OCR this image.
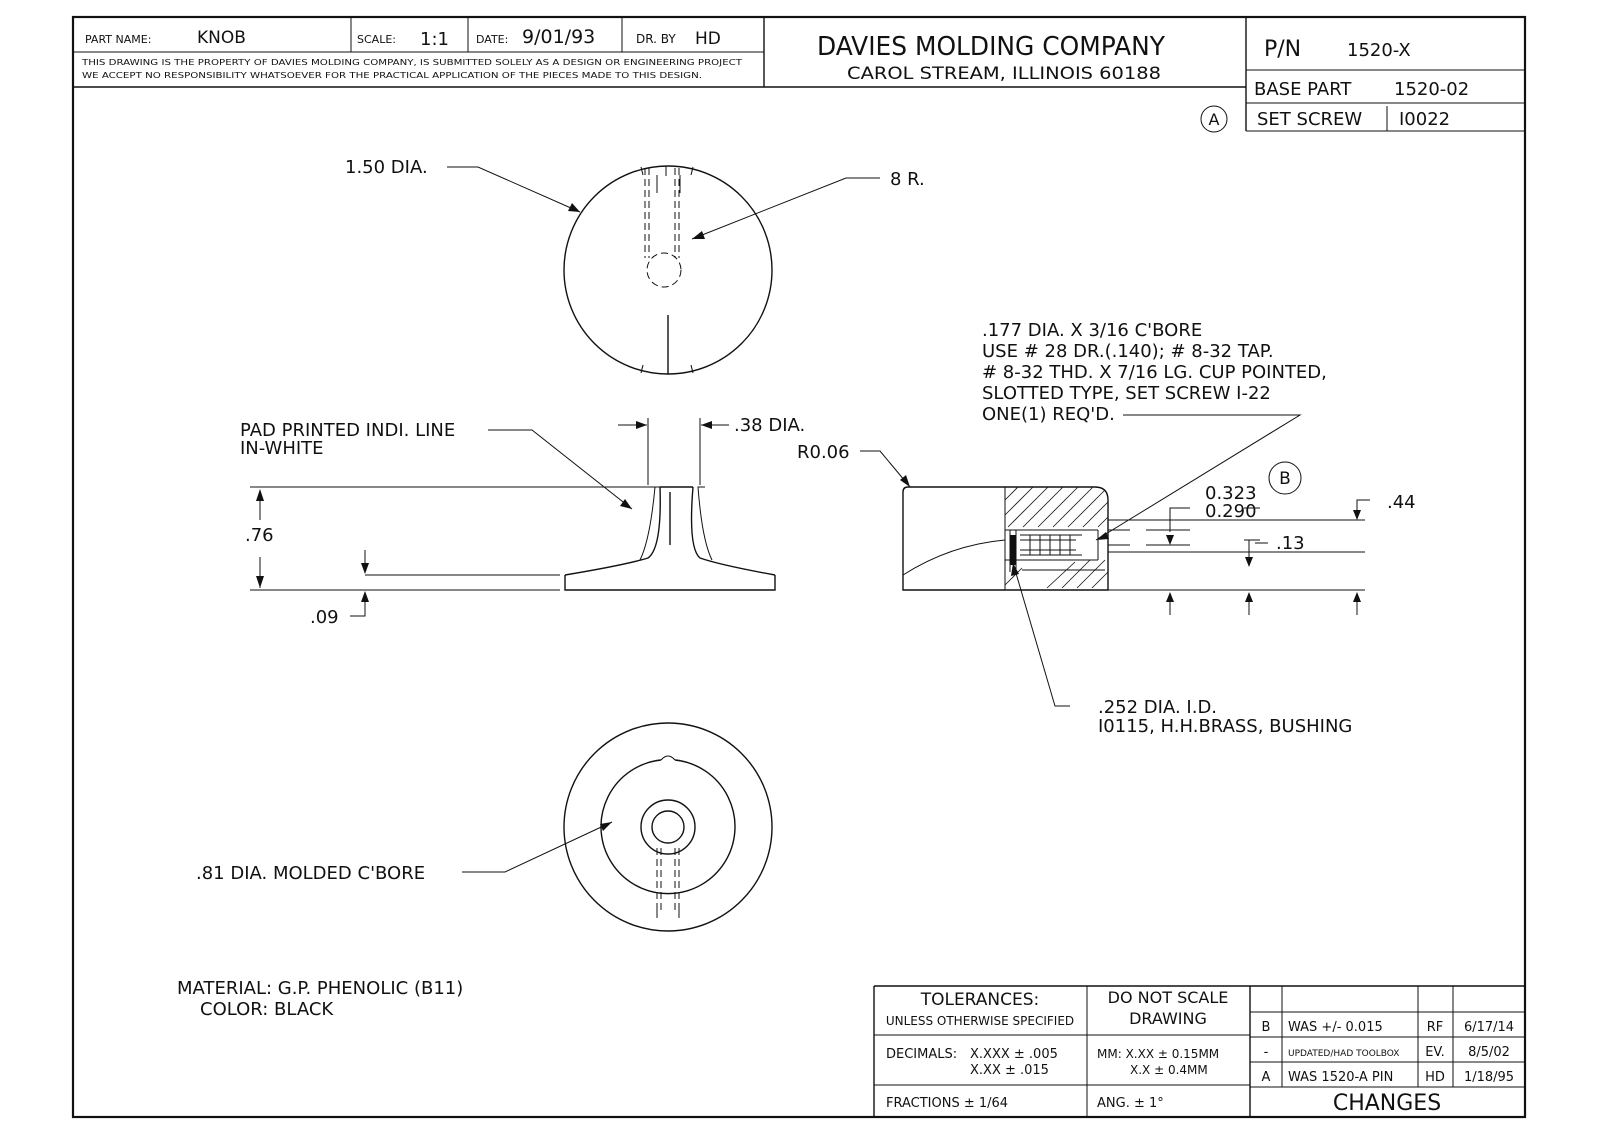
PART NAME:	KNOB	SCALE: 1:1 DATE: 9/01/93	DR. BY HD
THIS DRAWING IS THE PROPERTY OF DAVIES MOLDING COMPANY, IS SUBMITTED SOLELY AS A DESIGN OR ENGINEERING PROJECT
WE ACCEPT NO RESPONSIBILITY WHATSOEVER FOR THE PRACTICAL APPLICATION OF THE PIECES MADE TO THIS DESIGN.
DAVIES MOLDING COMPANY
CAROL STREAM, ILLINOIS 60188
P/N	1520-X
BASE PART 1520-02
SET SCREW I0022
A
1.50 DIA.
8 R.
PAD PRINTED INDI. LINE
IN-WHITE
.38 DIA.
.76
.09
R0.06
.177 DIA. X 3/16 C'BORE
USE # 28 DR.(.140); # 8-32 TAP.
# 8-32 THD. X 7/16 LG. CUP POINTED,
SLOTTED TYPE, SET SCREW I-22
ONE(1) REQ'D.
B
0.323
0.290	.44
.13
.252 DIA. I.D.
I0115, H.H.BRASS, BUSHING
.81 DIA. MOLDED C'BORE
MATERIAL: G.P. PHENOLIC (B11)
COLOR: BLACK	TOLERANCES:
UNLESS OTHERWISE SPECIFIED
DO NOT SCALE
DRAWING
DECIMALS: X.XXX ± .005
X.XX ± .015
MM: X.XX ± 0.15MM
X.X ± 0.4MM
FRACTIONS ± 1/64	ANG. ± 1°
B WAS +/- 0.015	RF 6/17/14
- UPDATED/HAD TOOLBOX EV. 8/5/02
A WAS 1520-A PIN HD 1/18/95
CHANGES
